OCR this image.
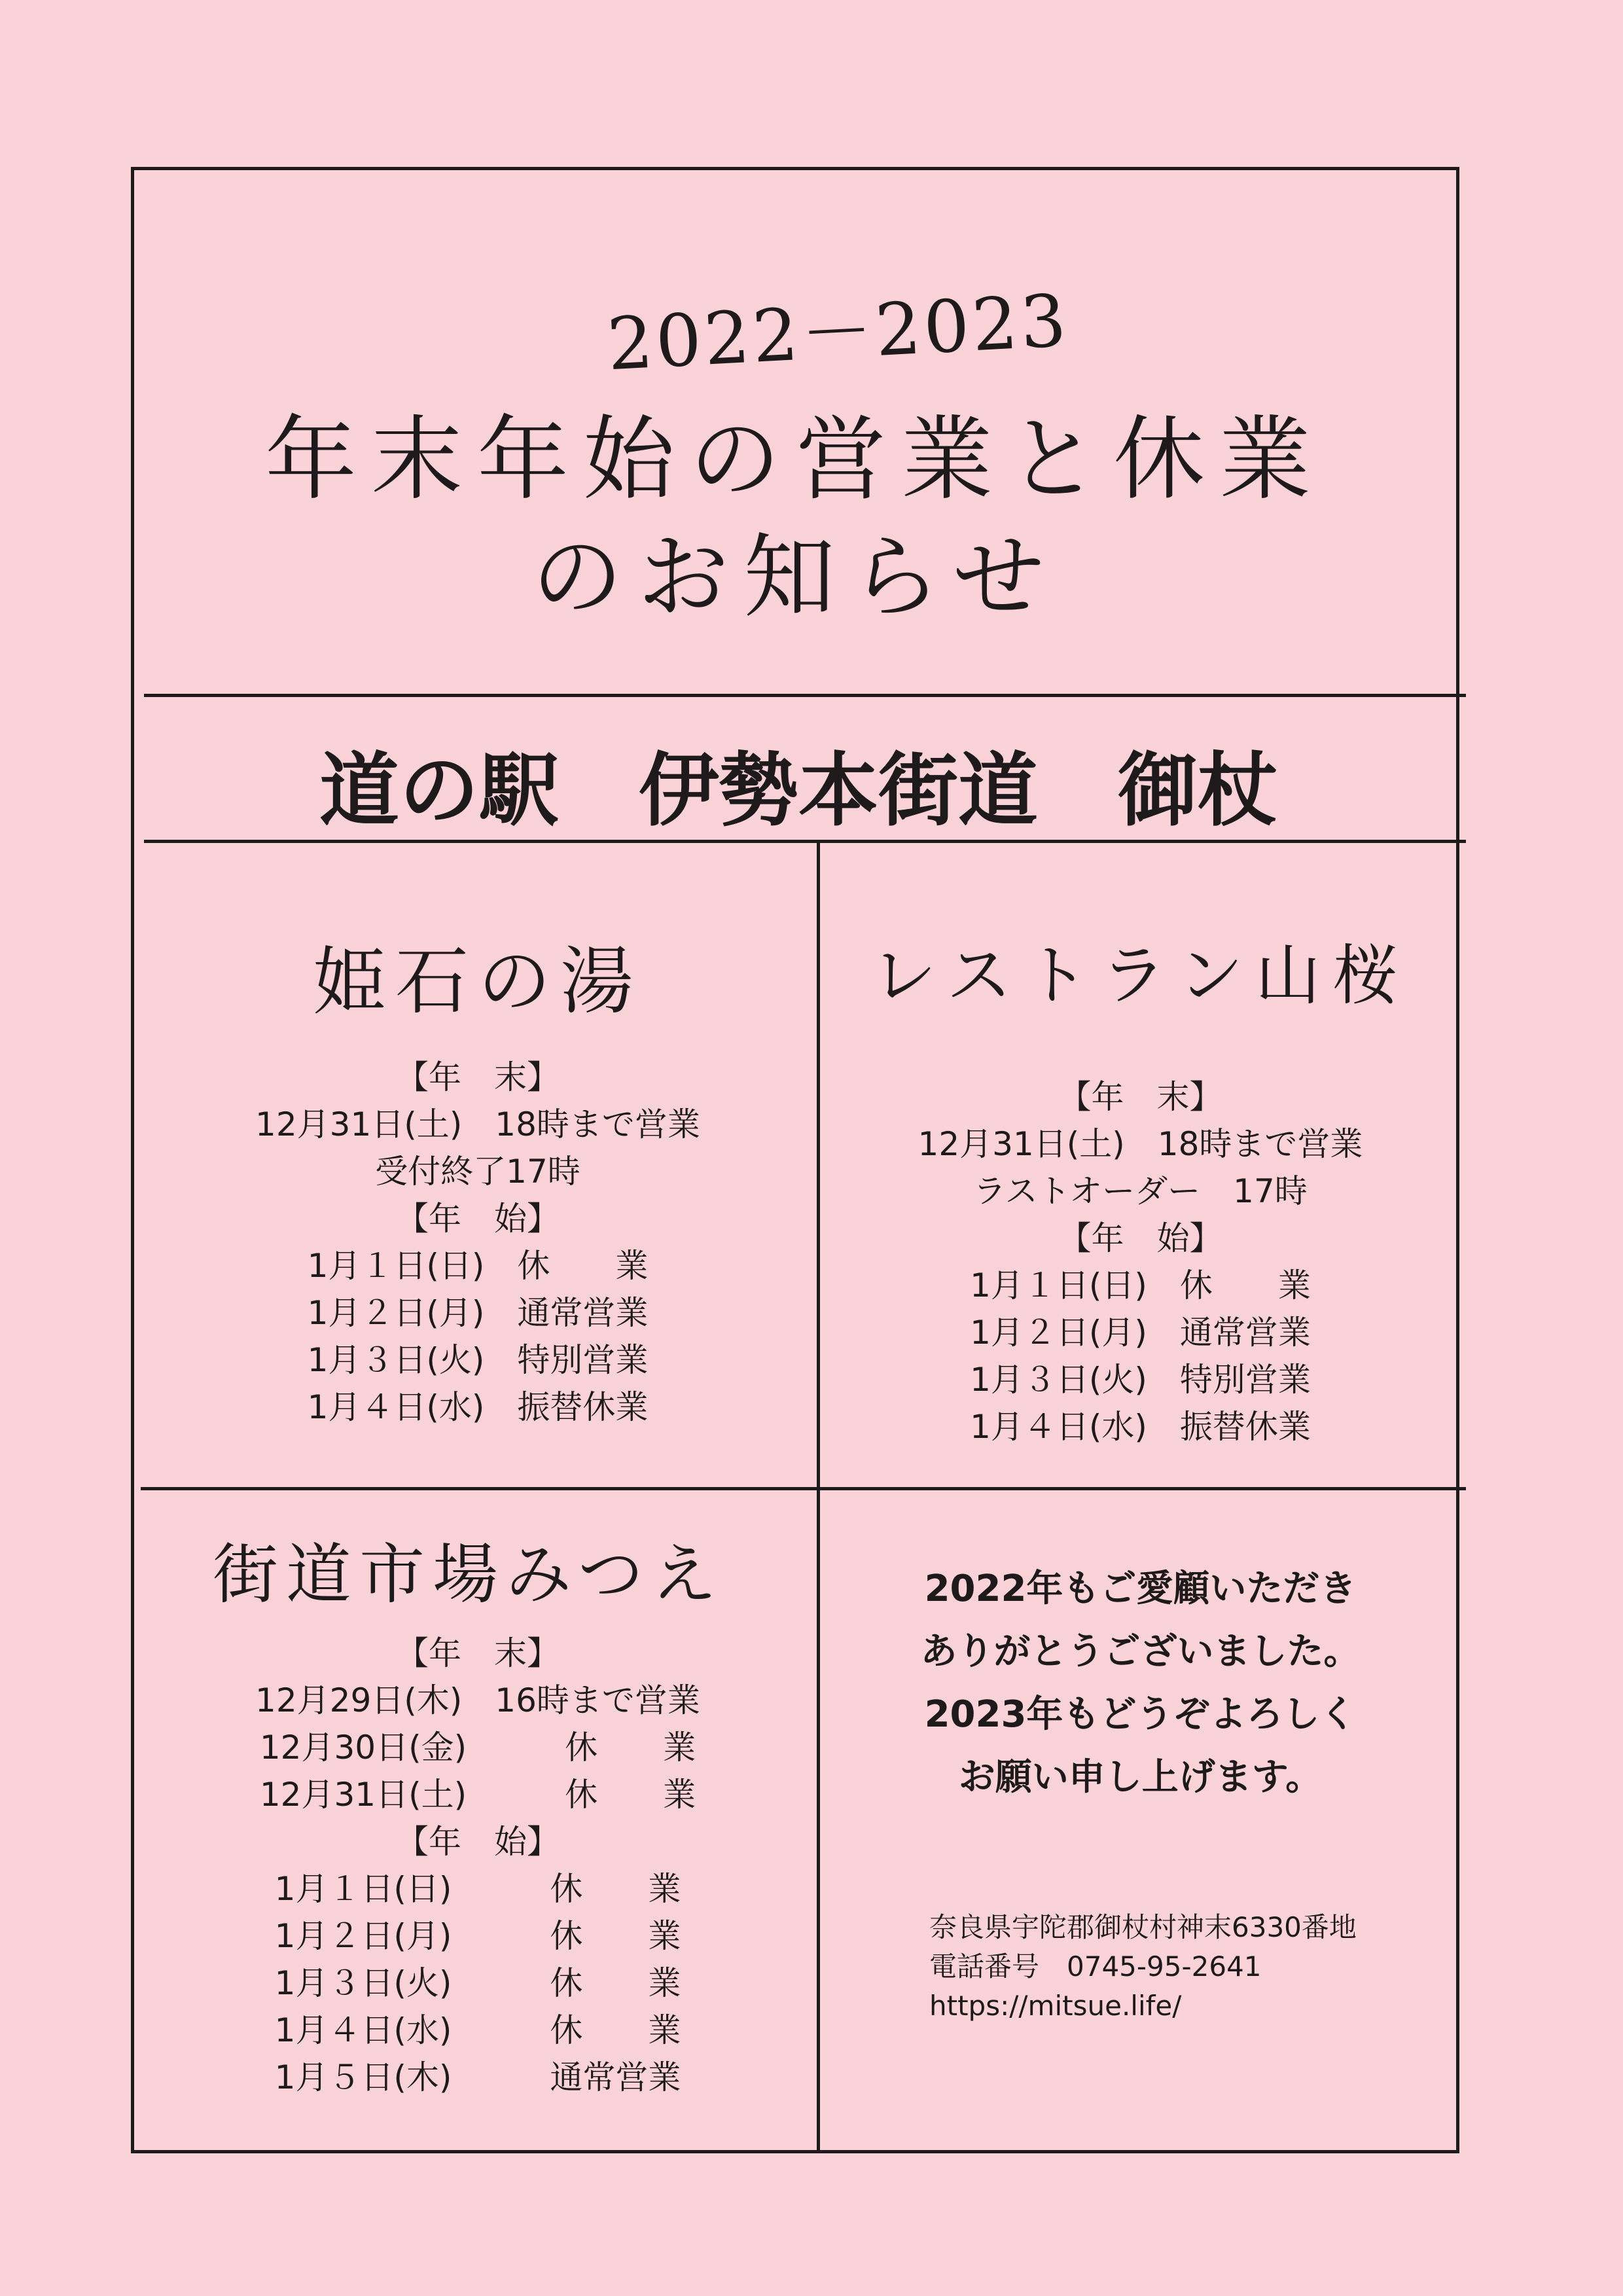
2022－2023
年末年始の営業と休業
のお知らせ
道の駅　伊勢本街道　御杖
姫石の湯
【年　末】
12月31日(土)　18時まで営業
受付終了17時
【年　始】
1月１日(日)　休　　業
1月２日(月)　通常営業
1月３日(火)　特別営業
1月４日(水)　振替休業
レストラン山桜
【年　末】
12月31日(土)　18時まで営業
ラストオーダー　17時
【年　始】
1月１日(日)　休　　業
1月２日(月)　通常営業
1月３日(火)　特別営業
1月４日(水)　振替休業
街道市場みつえ
【年　末】
12月29日(木)　16時まで営業
12月30日(金)　　　休　　業
12月31日(土)　　　休　　業
【年　始】
1月１日(日)　　　休　　業
1月２日(月)　　　休　　業
1月３日(火)　　　休　　業
1月４日(水)　　　休　　業
1月５日(木)　　　通常営業
2022年もご愛顧いただき
ありがとうございました。
2023年もどうぞよろしく
お願い申し上げます。
奈良県宇陀郡御杖村神末6330番地
電話番号　0745-95-2641
https://mitsue.life/
